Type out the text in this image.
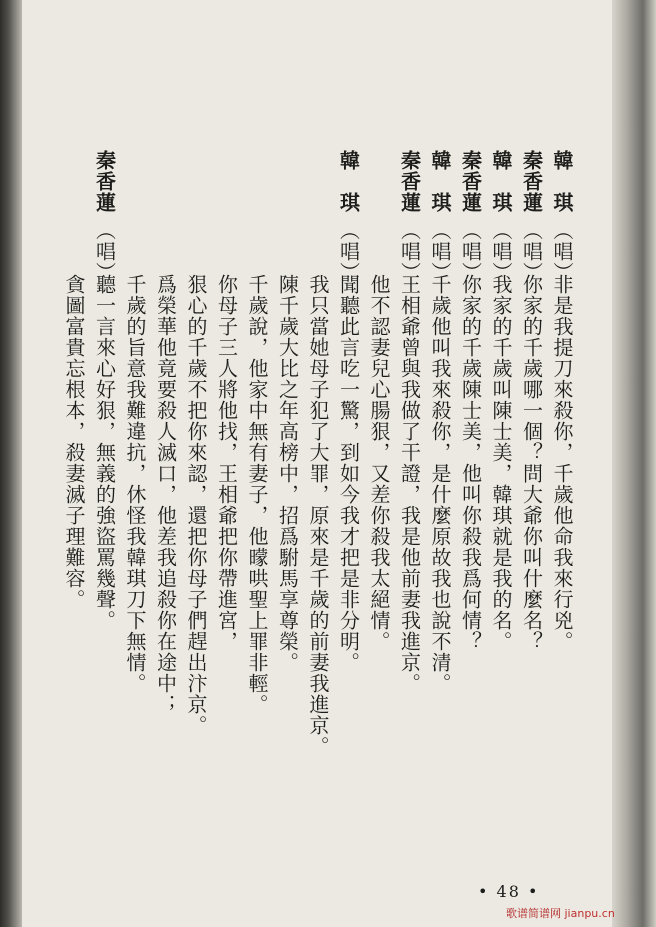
韓　琪（唱）非是我提刀來殺你，千歲他命我來行兇。
秦香蓮（唱）你家的千歲哪一個？問大爺你叫什麼名？
韓　琪（唱）我家的千歲叫陳士美，韓琪就是我的名。
秦香蓮（唱）你家的千歲陳士美，他叫你殺我爲何情？
韓　琪（唱）千歲他叫我來殺你，是什麼原故我也說不清。
秦香蓮（唱）王相爺曾與我做了干證，我是他前妻我進京。
他不認妻兒心腸狠，又差你殺我太絕情。
韓　琪（唱）聞聽此言吃一驚，到如今我才把是非分明。
我只當她母子犯了大罪，原來是千歲的前妻我進京。
陳千歲大比之年高榜中，招爲駙馬享尊榮。
千歲說，他家中無有妻子，他曚哄聖上罪非輕。
你母子三人將他找，王相爺把你帶進宮，
狠心的千歲不把你來認，還把你母子們趕出汴京。
爲榮華他竟要殺人滅口，他差我追殺你在途中；
千歲的旨意我難違抗，休怪我韓琪刀下無情。
秦香蓮（唱）聽一言來心好狠，無義的強盜罵幾聲。
貪圖富貴忘根本，殺妻滅子理難容。
• 48 •
歌谱简谱网 jianpu.cn
